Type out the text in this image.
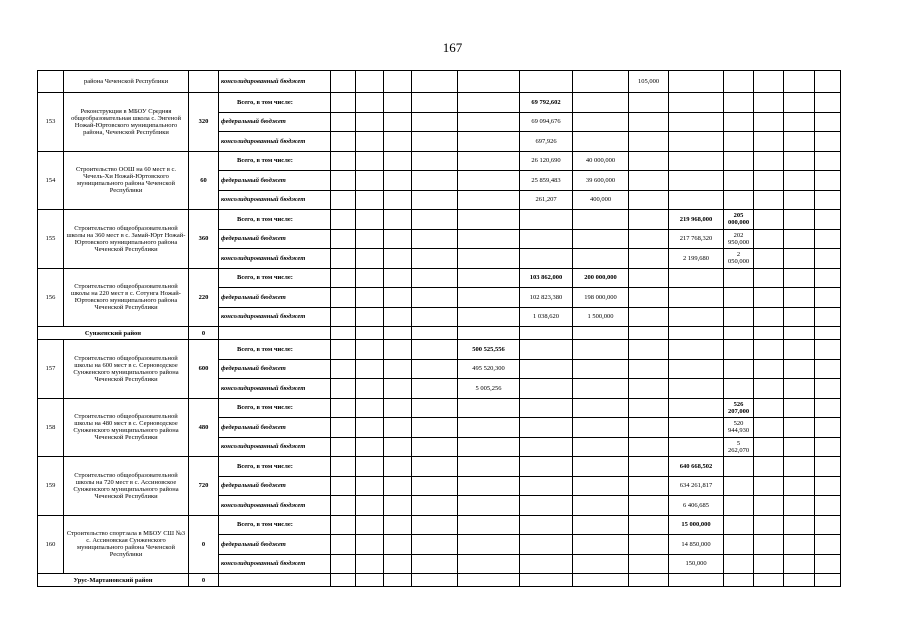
167
	района Чеченской Республики		консолидированный бюджет								105,000					
153	Реконструкция в МБОУ Средняя общеобразовательная школа с. Энгеной Ножай-Юртовского муниципального района, Чеченской Республики	320	Всего, в том числе:						69 792,602							
			федеральный бюджет						69 094,676							
			консолидированный бюджет						697,926							
154	Строительство ООШ на 60 мест в с. Чечель-Хи Ножай-Юртовского муниципального района Чеченской Республики	60	Всего, в том числе:						26 120,690	40 000,000						
			федеральный бюджет						25 859,483	39 600,000						
			консолидированный бюджет						261,207	400,000						
155	Строительство общеобразовательной школы на 360 мест в с. Замай-Юрт Ножай-Юртовского муниципального района Чеченской Республики	360	Всего, в том числе:									219 968,000	205 000,000			
			федеральный бюджет									217 768,320	202 950,000			
			консолидированный бюджет									2 199,680	2 050,000			
156	Строительство общеобразовательной школы на 220 мест в с. Сотунга Ножай-Юртовского муниципального района Чеченской Республики	220	Всего, в том числе:						103 862,000	200 000,000						
			федеральный бюджет						102 823,380	198 000,000						
			консолидированный бюджет						1 038,620	1 500,000						
Сунженский район		0														
157	Строительство общеобразовательной школы на 600 мест в с. Серноводское Сунженского муниципального района Чеченской Республики	600	Всего, в том числе:					500 525,556								
			федеральный бюджет					495 520,300								
			консолидированный бюджет					5 005,256								
158	Строительство общеобразовательной школы на 480 мест в с. Серноводское Сунженского муниципального района Чеченской Республики	480	Всего, в том числе:										526 207,000			
			федеральный бюджет										520 944,930			
			консолидированный бюджет										5 262,070			
159	Строительство общеобразовательной школы на 720 мест в с. Ассиновское Сунженского муниципального района Чеченской Республики	720	Всего, в том числе:									640 668,502				
			федеральный бюджет									634 261,817				
			консолидированный бюджет									6 406,685				
160	Строительство спортзала в МБОУ СШ №3 с. Ассиновская Сунженского муниципального района Чеченской Республики	0	Всего, в том числе:									15 000,000				
			федеральный бюджет									14 850,000				
			консолидированный бюджет									150,000				
Урус-Мартановский район		0														
